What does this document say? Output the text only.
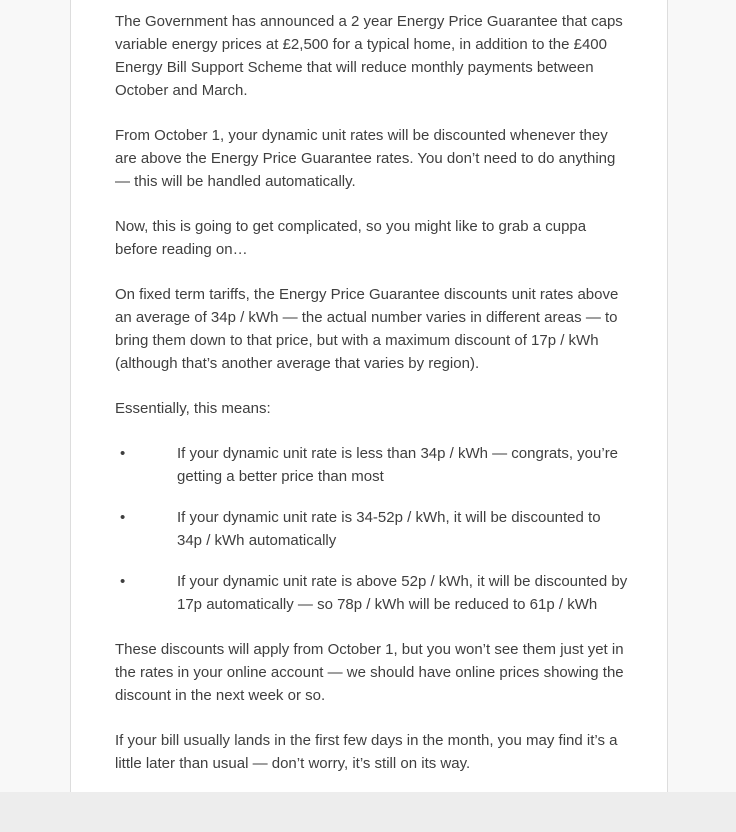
The Government has announced a 2 year Energy Price Guarantee that caps variable energy prices at £2,500 for a typical home, in addition to the £400 Energy Bill Support Scheme that will reduce monthly payments between October and March.

From October 1, your dynamic unit rates will be discounted whenever they are above the Energy Price Guarantee rates. You don’t need to do anything — this will be handled automatically.

Now, this is going to get complicated, so you might like to grab a cuppa before reading on…

On fixed term tariffs, the Energy Price Guarantee discounts unit rates above an average of 34p / kWh — the actual number varies in different areas — to bring them down to that price, but with a maximum discount of 17p / kWh (although that’s another average that varies by region).

Essentially, this means:

•	If your dynamic unit rate is less than 34p / kWh — congrats, you’re getting a better price than most
•	If your dynamic unit rate is 34-52p / kWh, it will be discounted to 34p / kWh automatically
•	If your dynamic unit rate is above 52p / kWh, it will be discounted by 17p automatically — so 78p / kWh will be reduced to 61p / kWh

These discounts will apply from October 1, but you won’t see them just yet in the rates in your online account — we should have online prices showing the discount in the next week or so.

If your bill usually lands in the first few days in the month, you may find it’s a little later than usual — don’t worry, it’s still on its way.
